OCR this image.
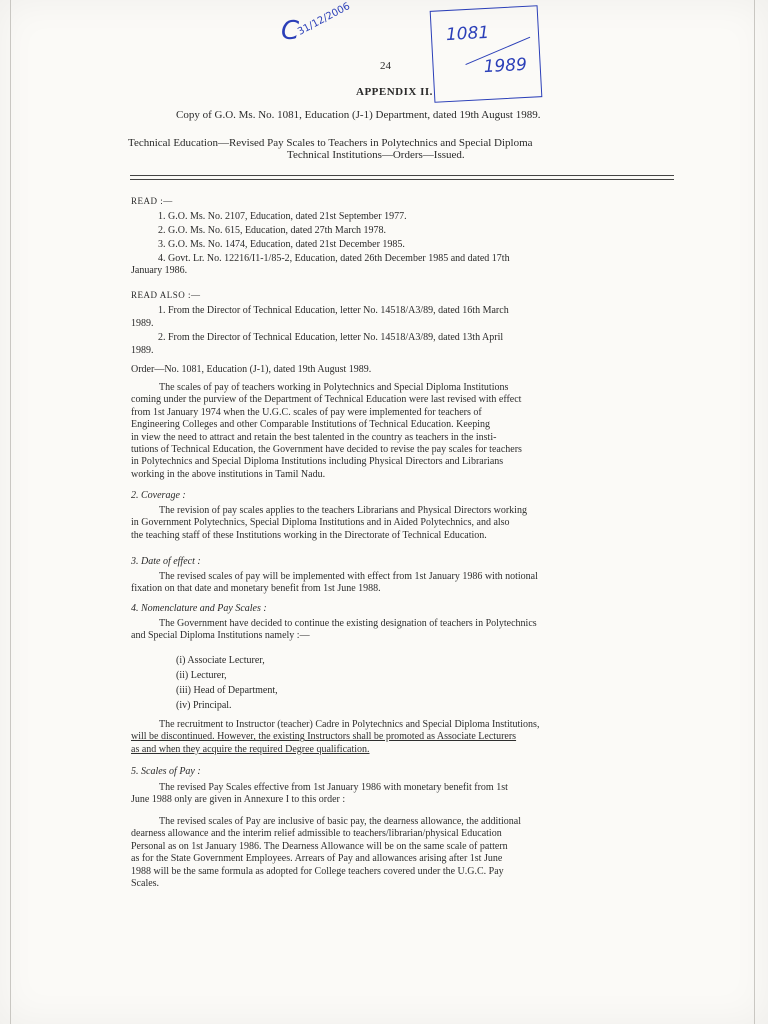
C
31/12/2006	1081
1989

24

APPENDIX II.

Copy of G.O. Ms. No. 1081, Education (J-1) Department, dated 19th August 1989.

Technical Education—Revised Pay Scales to Teachers in Polytechnics and Special Diploma

Technical Institutions—Orders—Issued.

READ :—

1. G.O. Ms. No. 2107, Education, dated 21st September 1977.

2. G.O. Ms. No. 615, Education, dated 27th March 1978.

3. G.O. Ms. No. 1474, Education, dated 21st December 1985.

4. Govt. Lr. No. 12216/I1-1/85-2, Education, dated 26th December 1985 and dated 17th

January 1986.

READ ALSO :—

1. From the Director of Technical Education, letter No. 14518/A3/89, dated 16th March

1989.

2. From the Director of Technical Education, letter No. 14518/A3/89, dated 13th April

1989.

Order—No. 1081, Education (J-1), dated 19th August 1989.

The scales of pay of teachers working in Polytechnics and Special Diploma Institutions
coming under the purview of the Department of Technical Education were last revised with effect
from 1st January 1974 when the U.G.C. scales of pay were implemented for teachers of
Engineering Colleges and other Comparable Institutions of Technical Education. Keeping
in view the need to attract and retain the best talented in the country as teachers in the insti-
tutions of Technical Education, the Government have decided to revise the pay scales for teachers
in Polytechnics and Special Diploma Institutions including Physical Directors and Librarians
working in the above institutions in Tamil Nadu.

2. Coverage :

The revision of pay scales applies to the teachers Librarians and Physical Directors working
in Government Polytechnics, Special Diploma Institutions and in Aided Polytechnics, and also
the teaching staff of these Institutions working in the Directorate of Technical Education.

3. Date of effect :

The revised scales of pay will be implemented with effect from 1st January 1986 with notional
fixation on that date and monetary benefit from 1st June 1988.

4. Nomenclature and Pay Scales :

The Government have decided to continue the existing designation of teachers in Polytechnics
and Special Diploma Institutions namely :—

(i) Associate Lecturer,

(ii) Lecturer,

(iii) Head of Department,

(iv) Principal.

The recruitment to Instructor (teacher) Cadre in Polytechnics and Special Diploma Institutions,
will be discontinued. However, the existing Instructors shall be promoted as Associate Lecturers
as and when they acquire the required Degree qualification.

5. Scales of Pay :

The revised Pay Scales effective from 1st January 1986 with monetary benefit from 1st
June 1988 only are given in Annexure I to this order :
The revised scales of Pay are inclusive of basic pay, the dearness allowance, the additional
dearness allowance and the interim relief admissible to teachers/librarian/physical Education
Personal as on 1st January 1986. The Dearness Allowance will be on the same scale of pattern
as for the State Government Employees. Arrears of Pay and allowances arising after 1st June
1988 will be the same formula as adopted for College teachers covered under the U.G.C. Pay
Scales.
